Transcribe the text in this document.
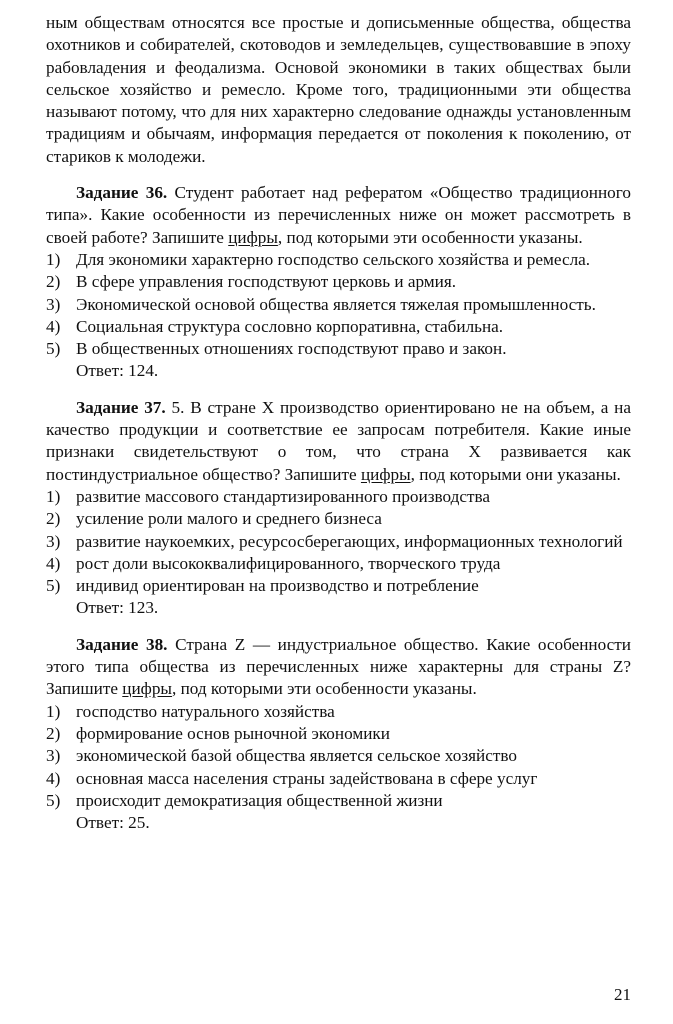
ным обществам относятся все простые и дописьменные общества, общества охотников и собирателей, скотоводов и земледельцев, существовавшие в эпоху рабовладения и феодализма. Основой экономики в таких обществах были сельское хозяйство и ремесло. Кроме того, традиционными эти общества называют потому, что для них характерно следование однажды установленным традициям и обычаям, информация передается от поколения к поколению, от стариков к молодежи.

Задание 36. Студент работает над рефератом «Общество традиционного типа». Какие особенности из перечисленных ниже он может рассмотреть в своей работе? Запишите цифры, под которыми эти особенности указаны.

1) Для экономики характерно господство сельского хозяйства и ремесла.
2) В сфере управления господствуют церковь и армия.
3) Экономической основой общества является тяжелая промышленность.
4) Социальная структура сословно корпоративна, стабильна.
5) В общественных отношениях господствуют право и закон.
Ответ: 124.

Задание 37. 5. В стране X производство ориентировано не на объем, а на качество продукции и соответствие ее запросам потребителя. Какие иные признаки свидетельствуют о том, что страна X развивается как постиндустриальное общество? Запишите цифры, под которыми они указаны.

1) развитие массового стандартизированного производства
2) усиление роли малого и среднего бизнеса
3) развитие наукоемких, ресурсосберегающих, информационных технологий
4) рост доли высококвалифицированного, творческого труда
5) индивид ориентирован на производство и потребление
Ответ: 123.

Задание 38. Страна Z — индустриальное общество. Какие особенности этого типа общества из перечисленных ниже характерны для страны Z? Запишите цифры, под которыми эти особенности указаны.

1) господство натурального хозяйства
2) формирование основ рыночной экономики
3) экономической базой общества является сельское хозяйство
4) основная масса населения страны задействована в сфере услуг
5) происходит демократизация общественной жизни
Ответ: 25.
21
